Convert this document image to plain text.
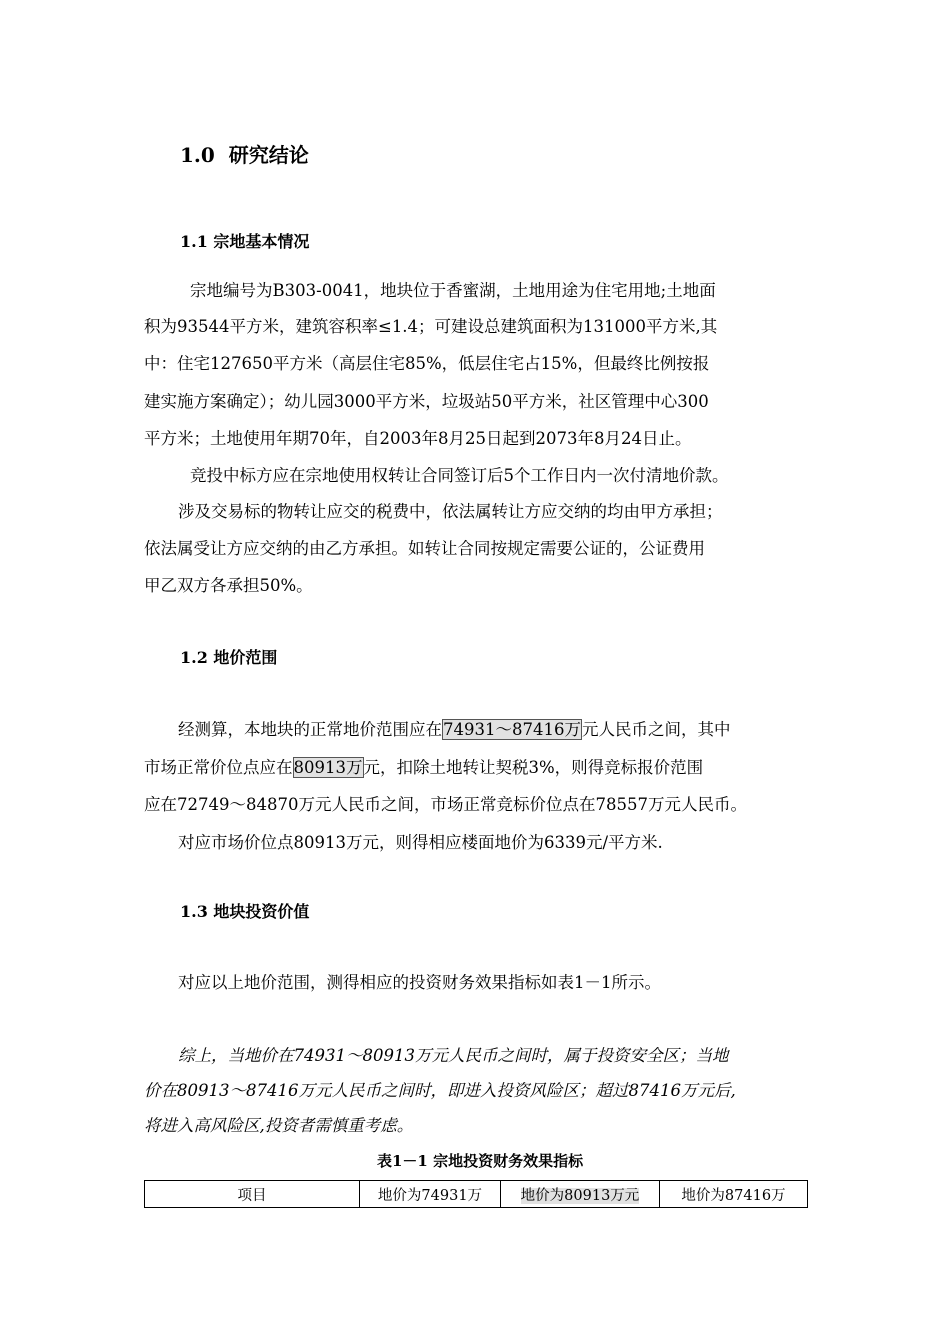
1.0 研究结论
1.1 宗地基本情况
宗地编号为B303-0041，地块位于香蜜湖，土地用途为住宅用地;土地面
积为93544平方米，建筑容积率≤1.4；可建设总建筑面积为131000平方米,其
中：住宅127650平方米（高层住宅85%，低层住宅占15%，但最终比例按报
建实施方案确定）；幼儿园3000平方米，垃圾站50平方米，社区管理中心300
平方米；土地使用年期70年，自2003年8月25日起到2073年8月24日止。
竞投中标方应在宗地使用权转让合同签订后5个工作日内一次付清地价款。
涉及交易标的物转让应交的税费中，依法属转让方应交纳的均由甲方承担；
依法属受让方应交纳的由乙方承担。如转让合同按规定需要公证的，公证费用
甲乙双方各承担50%。
1.2 地价范围
经测算，本地块的正常地价范围应在74931～87416万元人民币之间，其中
市场正常价位点应在80913万元，扣除土地转让契税3%，则得竞标报价范围
应在72749～84870万元人民币之间，市场正常竞标价位点在78557万元人民币。
对应市场价位点80913万元，则得相应楼面地价为6339元/平方米.
1.3 地块投资价值
对应以上地价范围，测得相应的投资财务效果指标如表1－1所示。
综上，当地价在74931～80913万元人民币之间时，属于投资安全区；当地
价在80913～87416万元人民币之间时，即进入投资风险区；超过87416万元后,
将进入高风险区,投资者需慎重考虑。
表1－1 宗地投资财务效果指标
项目	地价为74931万	地价为80913万元	地价为87416万
